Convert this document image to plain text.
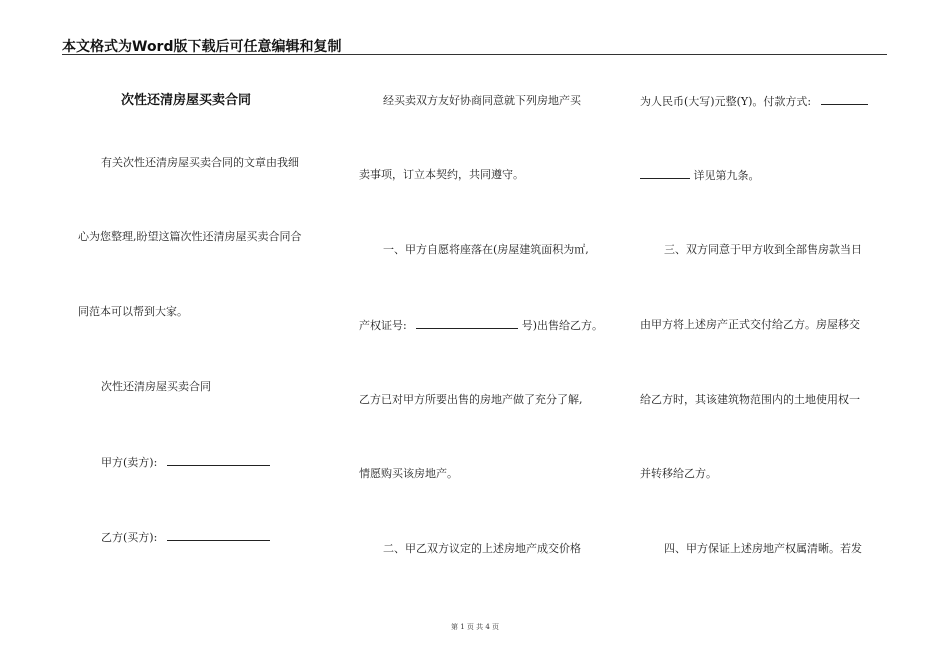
本文格式为Word版下载后可任意编辑和复制
次性还清房屋买卖合同
有关次性还清房屋买卖合同的文章由我细
心为您整理,盼望这篇次性还清房屋买卖合同合
同范本可以帮到大家。
次性还清房屋买卖合同
甲方(卖方):
乙方(买方):
经买卖双方友好协商同意就下列房地产买
卖事项，订立本契约，共同遵守。
一、甲方自愿将座落在(房屋建筑面积为㎡,
产权证号:	号)出售给乙方。
乙方已对甲方所要出售的房地产做了充分了解,
情愿购买该房地产。
二、甲乙双方议定的上述房地产成交价格
为人民币(大写)元整(Y)。付款方式:
详见第九条。
三、双方同意于甲方收到全部售房款当日
由甲方将上述房产正式交付给乙方。房屋移交
给乙方时，其该建筑物范围内的土地使用权一
并转移给乙方。
四、甲方保证上述房地产权属清晰。若发
第 1 页 共 4 页
